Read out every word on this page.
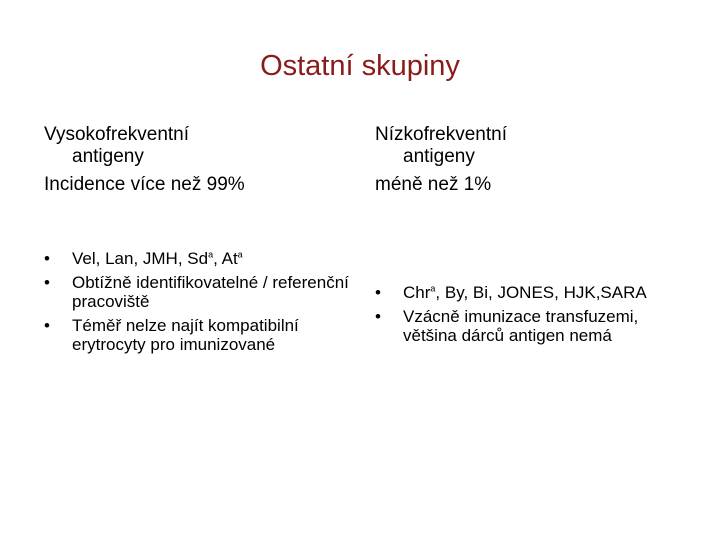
Ostatní skupiny
Vysokofrekventní
antigeny
Incidence více než 99%
Nízkofrekventní
antigeny
méně než 1%
• Vel, Lan, JMH, Sd$^a$, At$^a$
• Obtížně identifikovatelné / referenční pracoviště
• Téměř nelze najít kompatibilní erytrocyty pro imunizované
• Chr$^a$, By, Bi, JONES, HJK,SARA
• Vzácně imunizace transfuzemi, většina dárců antigen nemá
